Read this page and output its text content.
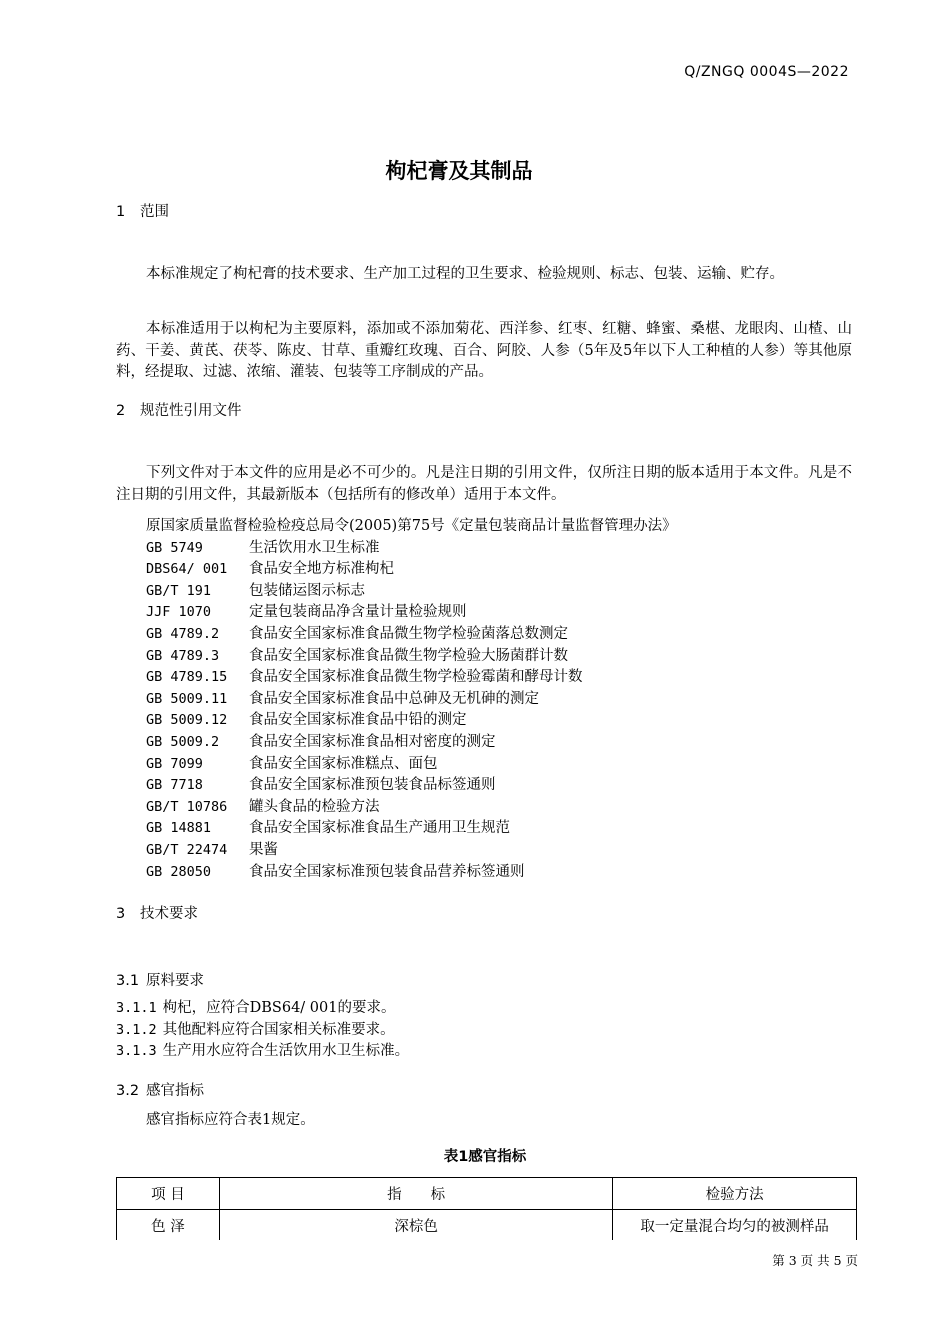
Q/ZNGQ 0004S—2022
枸杞膏及其制品
1 范围

本标准规定了枸杞膏的技术要求、生产加工过程的卫生要求、检验规则、标志、包装、运输、贮存。

本标准适用于以枸杞为主要原料，添加或不添加菊花、西洋参、红枣、红糖、蜂蜜、桑椹、龙眼肉、山楂、山药、干姜、黄芪、茯苓、陈皮、甘草、重瓣红玫瑰、百合、阿胶、人参（5年及5年以下人工种植的人参）等其他原料，经提取、过滤、浓缩、灌装、包装等工序制成的产品。

2 规范性引用文件

下列文件对于本文件的应用是必不可少的。凡是注日期的引用文件，仅所注日期的版本适用于本文件。凡是不注日期的引用文件，其最新版本（包括所有的修改单）适用于本文件。

原国家质量监督检验检疫总局令(2005)第75号《定量包装商品计量监督管理办法》
GB 5749	生活饮用水卫生标准
DBS64/ 001 食品安全地方标准枸杞
GB/T 191	包装储运图示标志
JJF 1070	定量包装商品净含量计量检验规则
GB 4789.2 食品安全国家标准食品微生物学检验菌落总数测定
GB 4789.3 食品安全国家标准食品微生物学检验大肠菌群计数
GB 4789.15 食品安全国家标准食品微生物学检验霉菌和酵母计数
GB 5009.11 食品安全国家标准食品中总砷及无机砷的测定
GB 5009.12 食品安全国家标准食品中铅的测定
GB 5009.2 食品安全国家标准食品相对密度的测定
GB 7099	食品安全国家标准糕点、面包
GB 7718	食品安全国家标准预包装食品标签通则
GB/T 10786 罐头食品的检验方法
GB 14881	食品安全国家标准食品生产通用卫生规范
GB/T 22474 果酱
GB 28050	食品安全国家标准预包装食品营养标签通则
3 技术要求
3.1 原料要求
3.1.1 枸杞，应符合DBS64/ 001的要求。
3.1.2 其他配料应符合国家相关标准要求。
3.1.3 生产用水应符合生活饮用水卫生标准。
3.2 感官指标

感官指标应符合表1规定。

表1感官指标
项 目	指　　标	检验方法
色 泽	深棕色	取一定量混合均匀的被测样品
第 3 页 共 5 页
